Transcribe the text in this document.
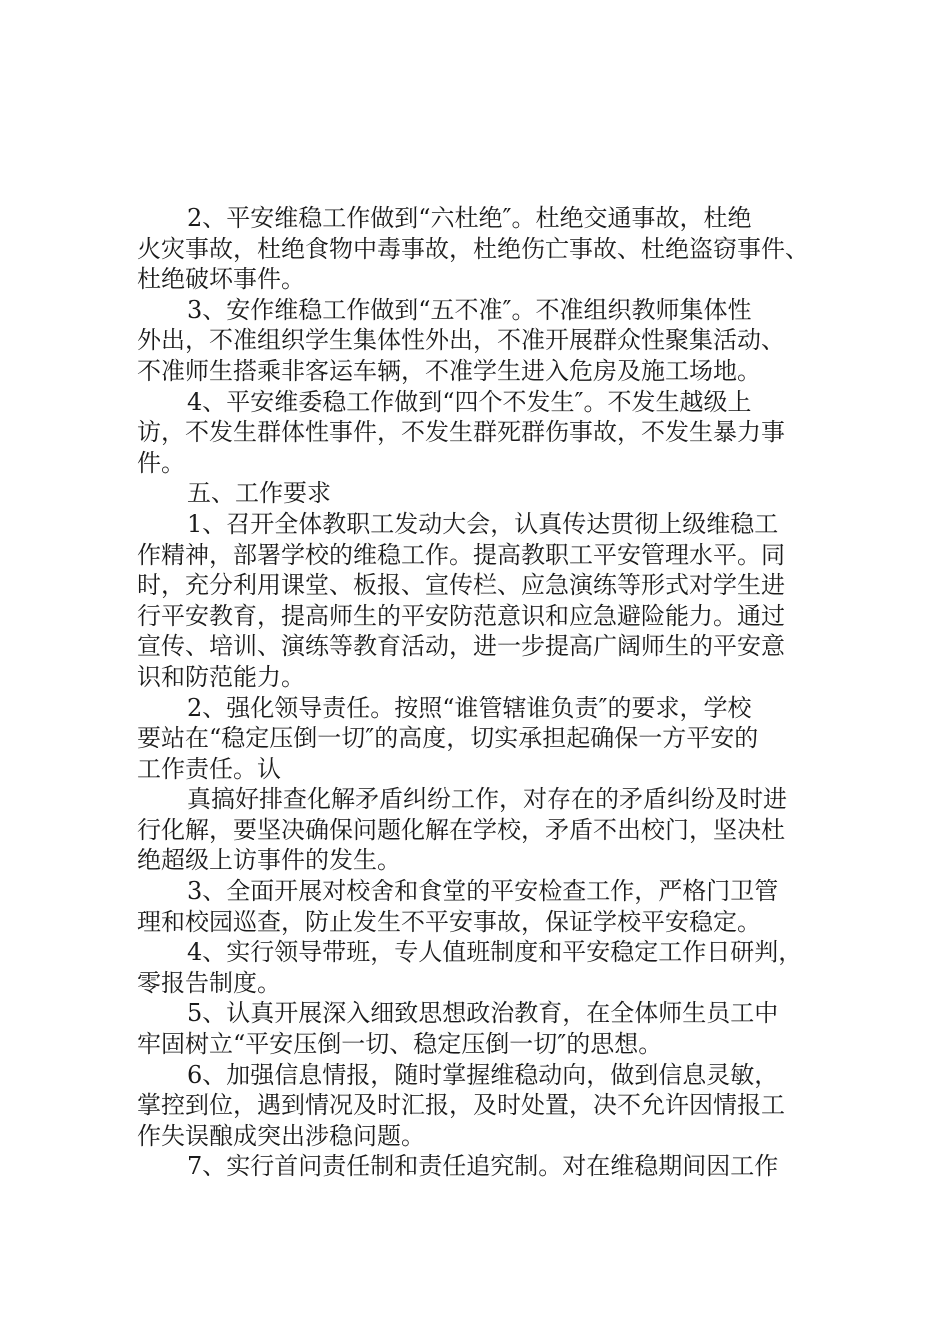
2、平安维稳工作做到“六杜绝″。杜绝交通事故，杜绝
火灾事故，杜绝食物中毒事故，杜绝伤亡事故、杜绝盗窃事件、
杜绝破坏事件。
3、安作维稳工作做到“五不准″。不准组织教师集体性
外出，不准组织学生集体性外出，不准开展群众性聚集活动、
不准师生搭乘非客运车辆，不准学生进入危房及施工场地。
4、平安维委稳工作做到“四个不发生″。不发生越级上
访，不发生群体性事件，不发生群死群伤事故，不发生暴力事
件。
五、工作要求
1、召开全体教职工发动大会，认真传达贯彻上级维稳工
作精神，部署学校的维稳工作。提高教职工平安管理水平。同
时，充分利用课堂、板报、宣传栏、应急演练等形式对学生进
行平安教育，提高师生的平安防范意识和应急避险能力。通过
宣传、培训、演练等教育活动，进一步提高广阔师生的平安意
识和防范能力。
2、强化领导责任。按照“谁管辖谁负责″的要求，学校
要站在“稳定压倒一切″的高度，切实承担起确保一方平安的
工作责任。认
真搞好排查化解矛盾纠纷工作，对存在的矛盾纠纷及时进
行化解，要坚决确保问题化解在学校，矛盾不出校门，坚决杜
绝超级上访事件的发生。
3、全面开展对校舍和食堂的平安检查工作，严格门卫管
理和校园巡查，防止发生不平安事故，保证学校平安稳定。
4、实行领导带班，专人值班制度和平安稳定工作日研判，
零报告制度。
5、认真开展深入细致思想政治教育，在全体师生员工中
牢固树立“平安压倒一切、稳定压倒一切″的思想。
6、加强信息情报，随时掌握维稳动向，做到信息灵敏，
掌控到位，遇到情况及时汇报，及时处置，决不允许因情报工
作失误酿成突出涉稳问题。
7、实行首问责任制和责任追究制。对在维稳期间因工作
